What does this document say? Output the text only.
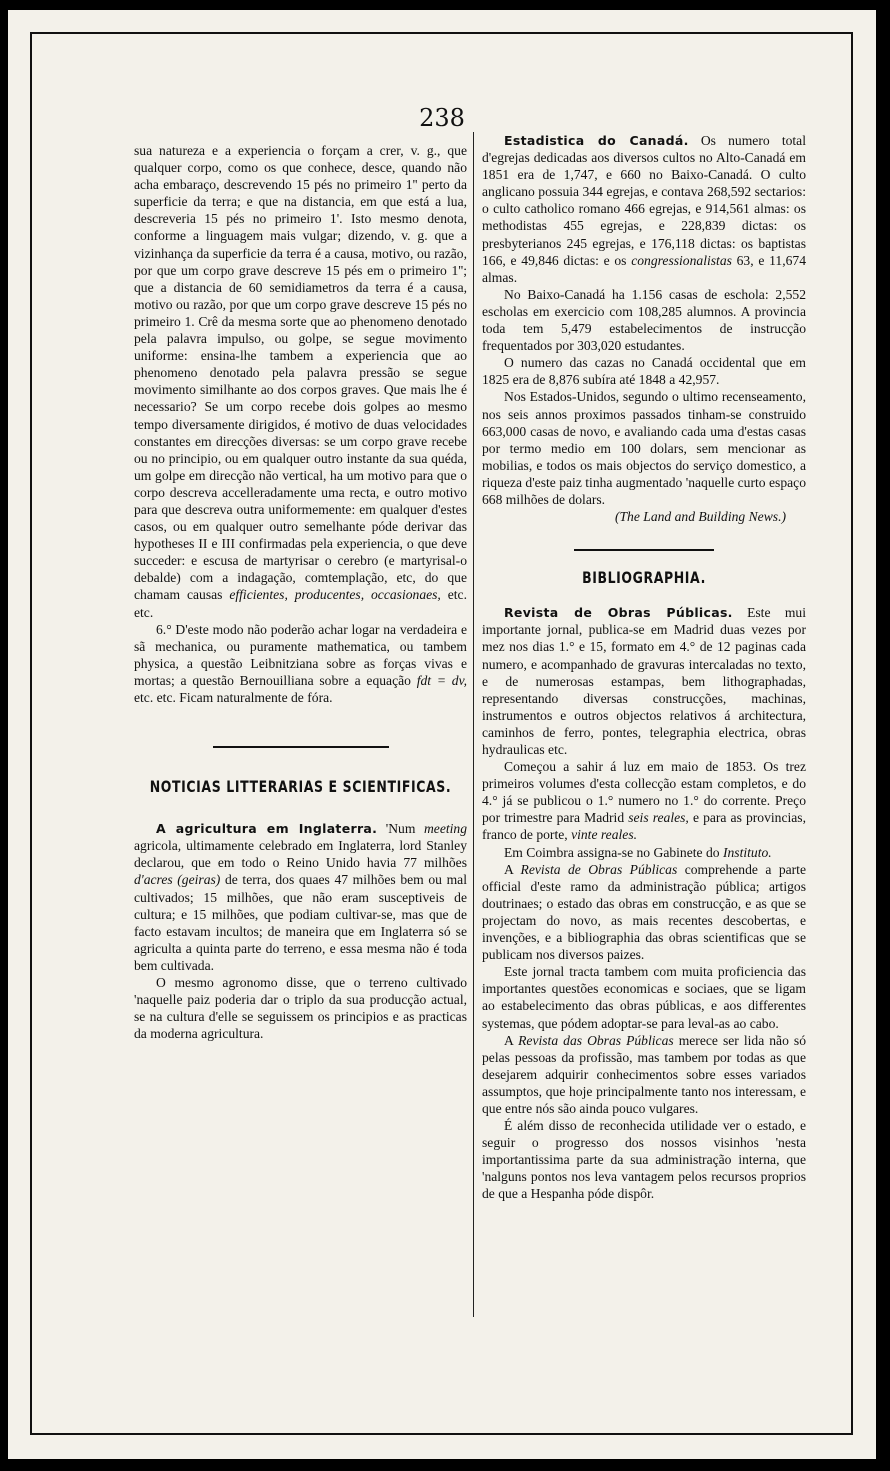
238

sua natureza e a experiencia o forçam a crer, v. g., que qualquer corpo, como os que conhece, desce, quando não acha embaraço, descrevendo 15 pés no primeiro 1'' perto da superficie da terra; e que na distancia, em que está a lua, descreveria 15 pés no primeiro 1'. Isto mesmo denota, conforme a linguagem mais vulgar; dizendo, v. g. que a vizinhança da superficie da terra é a causa, motivo, ou razão, por que um corpo grave descreve 15 pés em o primeiro 1''; que a distancia de 60 semidiametros da terra é a causa, motivo ou razão, por que um corpo grave descreve 15 pés no primeiro 1. Crê da mesma sorte que ao phenomeno denotado pela palavra impulso, ou golpe, se segue movimento uniforme: ensina-lhe tambem a experiencia que ao phenomeno denotado pela palavra pressão se segue movimento similhante ao dos corpos graves. Que mais lhe é necessario? Se um corpo recebe dois golpes ao mesmo tempo diversamente dirigidos, é motivo de duas velocidades constantes em direcções diversas: se um corpo grave recebe ou no principio, ou em qualquer outro instante da sua quéda, um golpe em direcção não vertical, ha um motivo para que o corpo descreva accelleradamente uma recta, e outro motivo para que descreva outra uniformemente: em qualquer d'estes casos, ou em qualquer outro semelhante póde derivar das hypotheses II e III confirmadas pela experiencia, o que deve succeder: e escusa de martyrisar o cerebro (e martyrisal-o debalde) com a indagação, comtemplação, etc, do que chamam causas efficientes, producentes, occasionaes, etc. etc.

6.° D'este modo não poderão achar logar na verdadeira e sã mechanica, ou puramente mathematica, ou tambem physica, a questão Leibnitziana sobre as forças vivas e mortas; a questão Bernouilliana sobre a equação fdt = dv, etc. etc. Ficam naturalmente de fóra.

NOTICIAS LITTERARIAS E SCIENTIFICAS.

A agricultura em Inglaterra. 'Num meeting agricola, ultimamente celebrado em Inglaterra, lord Stanley declarou, que em todo o Reino Unido havia 77 milhões d'acres (geiras) de terra, dos quaes 47 milhões bem ou mal cultivados; 15 milhões, que não eram susceptiveis de cultura; e 15 milhões, que podiam cultivar-se, mas que de facto estavam incultos; de maneira que em Inglaterra só se agricultа a quinta parte do terreno, e essa mesma não é toda bem cultivada.

O mesmo agronomo disse, que o terreno cultivado 'naquelle paiz poderia dar o triplo da sua producção actual, se na cultura d'elle se seguissem os principios e as practicas da moderna agricultura.

Estadistica do Canadá. Os numero total d'egrejas dedicadas aos diversos cultos no Alto-Canadá em 1851 era de 1,747, e 660 no Baixo-Canadá. O culto anglicano possuia 344 egrejas, e contava 268,592 sectarios: o culto catholico romano 466 egrejas, e 914,561 almas: os methodistas 455 egrejas, e 228,839 dictas: os presbyterianos 245 egrejas, e 176,118 dictas: os baptistas 166, e 49,846 dictas: e os congressionalistas 63, e 11,674 almas.

No Baixo-Canadá ha 1.156 casas de eschola: 2,552 escholas em exercicio com 108,285 alumnos. A provincia toda tem 5,479 estabelecimentos de instrucção frequentados por 303,020 estudantes.

O numero das cazas no Canadá occidental que em 1825 era de 8,876 subíra até 1848 a 42,957.

Nos Estados-Unidos, segundo o ultimo recenseamento, nos seis annos proximos passados tinham-se construido 663,000 casas de novo, e avaliando cada uma d'estas casas por termo medio em 100 dolars, sem mencionar as mobilias, e todos os mais objectos do serviço domestico, a riqueza d'este paiz tinha augmentado 'naquelle curto espaço 668 milhões de dolars.

(The Land and Building News.)

BIBLIOGRAPHIA.

Revista de Obras Públicas. Este mui importante jornal, publica-se em Madrid duas vezes por mez nos dias 1.° e 15, formato em 4.° de 12 paginas cada numero, e acompanhado de gravuras intercaladas no texto, e de numerosas estampas, bem lithographadas, representando diversas construcções, machinas, instrumentos e outros objectos relativos á architectura, caminhos de ferro, pontes, telegraphia electrica, obras hydraulicas etc.

Começou a sahir á luz em maio de 1853. Os trez primeiros volumes d'esta collecção estam completos, e do 4.° já se publicou o 1.° numero no 1.° do corrente. Preço por trimestre para Madrid seis reales, e para as provincias, franco de porte, vinte reales.

Em Coimbra assigna-se no Gabinete do Instituto.

A Revista de Obras Públicas comprehende a parte official d'este ramo da administração pública; artigos doutrinaes; o estado das obras em construcção, e as que se projectam do novo, as mais recentes descobertas, e invenções, e a bibliographia das obras scientificas que se publicam nos diversos paizes.

Este jornal tracta tambem com muita proficiencia das importantes questões economicas e sociaes, que se ligam ao estabelecimento das obras públicas, e aos differentes systemas, que pódem adoptar-se para leval-as ao cabo.

A Revista das Obras Públicas merece ser lida não só pelas pessoas da profissão, mas tambem por todas as que desejarem adquirir conhecimentos sobre esses variados assumptos, que hoje principalmente tanto nos interessam, e que entre nós são ainda pouco vulgares.

É além disso de reconhecida utilidade ver o estado, e seguir o progresso dos nossos visinhos 'nesta importantissima parte da sua administração interna, que 'nalguns pontos nos leva vantagem pelos recursos proprios de que a Hespanha póde dispôr.
